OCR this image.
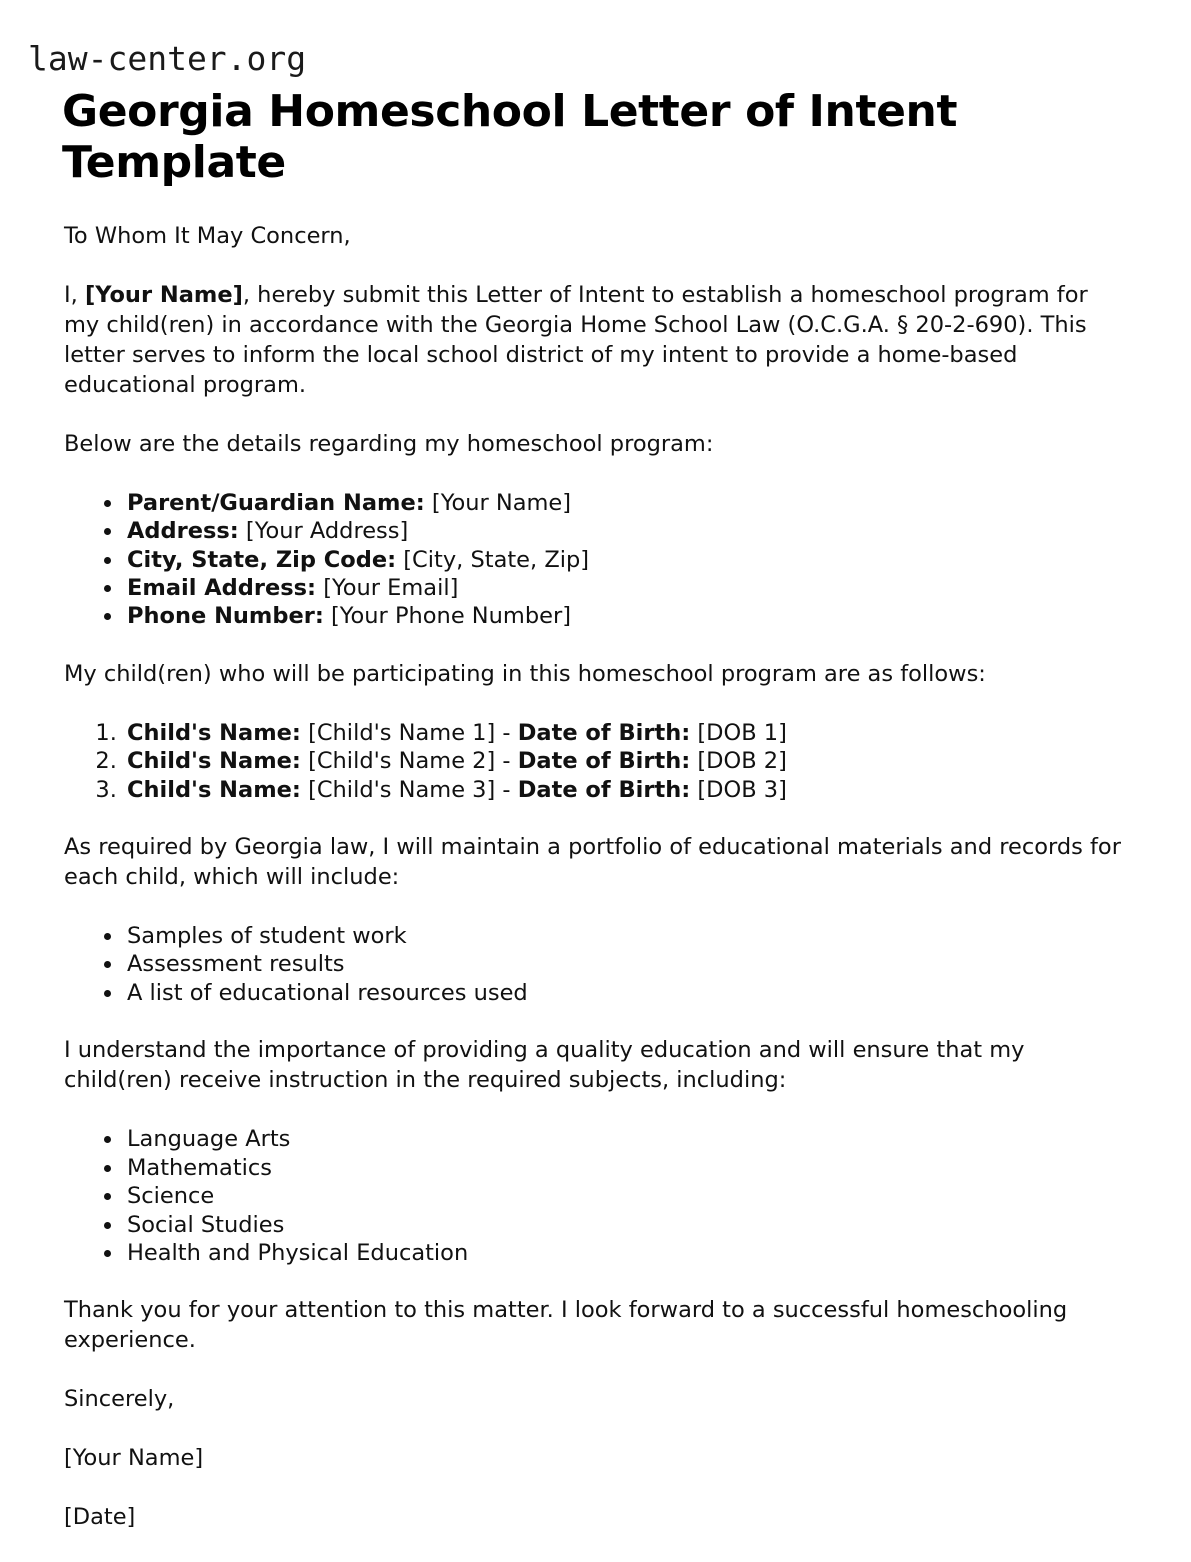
law-center.org
Georgia Homeschool Letter of Intent Template

To Whom It May Concern,

I, [Your Name], hereby submit this Letter of Intent to establish a homeschool program for my child(ren) in accordance with the Georgia Home School Law (O.C.G.A. § 20-2-690). This letter serves to inform the local school district of my intent to provide a home-based educational program.

Below are the details regarding my homeschool program:

• Parent/Guardian Name: [Your Name]
• Address: [Your Address]
• City, State, Zip Code: [City, State, Zip]
• Email Address: [Your Email]
• Phone Number: [Your Phone Number]

My child(ren) who will be participating in this homeschool program are as follows:

1. Child's Name: [Child's Name 1] - Date of Birth: [DOB 1]
2. Child's Name: [Child's Name 2] - Date of Birth: [DOB 2]
3. Child's Name: [Child's Name 3] - Date of Birth: [DOB 3]

As required by Georgia law, I will maintain a portfolio of educational materials and records for each child, which will include:

• Samples of student work
• Assessment results
• A list of educational resources used

I understand the importance of providing a quality education and will ensure that my child(ren) receive instruction in the required subjects, including:

• Language Arts
• Mathematics
• Science
• Social Studies
• Health and Physical Education

Thank you for your attention to this matter. I look forward to a successful homeschooling experience.

Sincerely,

[Your Name]

[Date]
